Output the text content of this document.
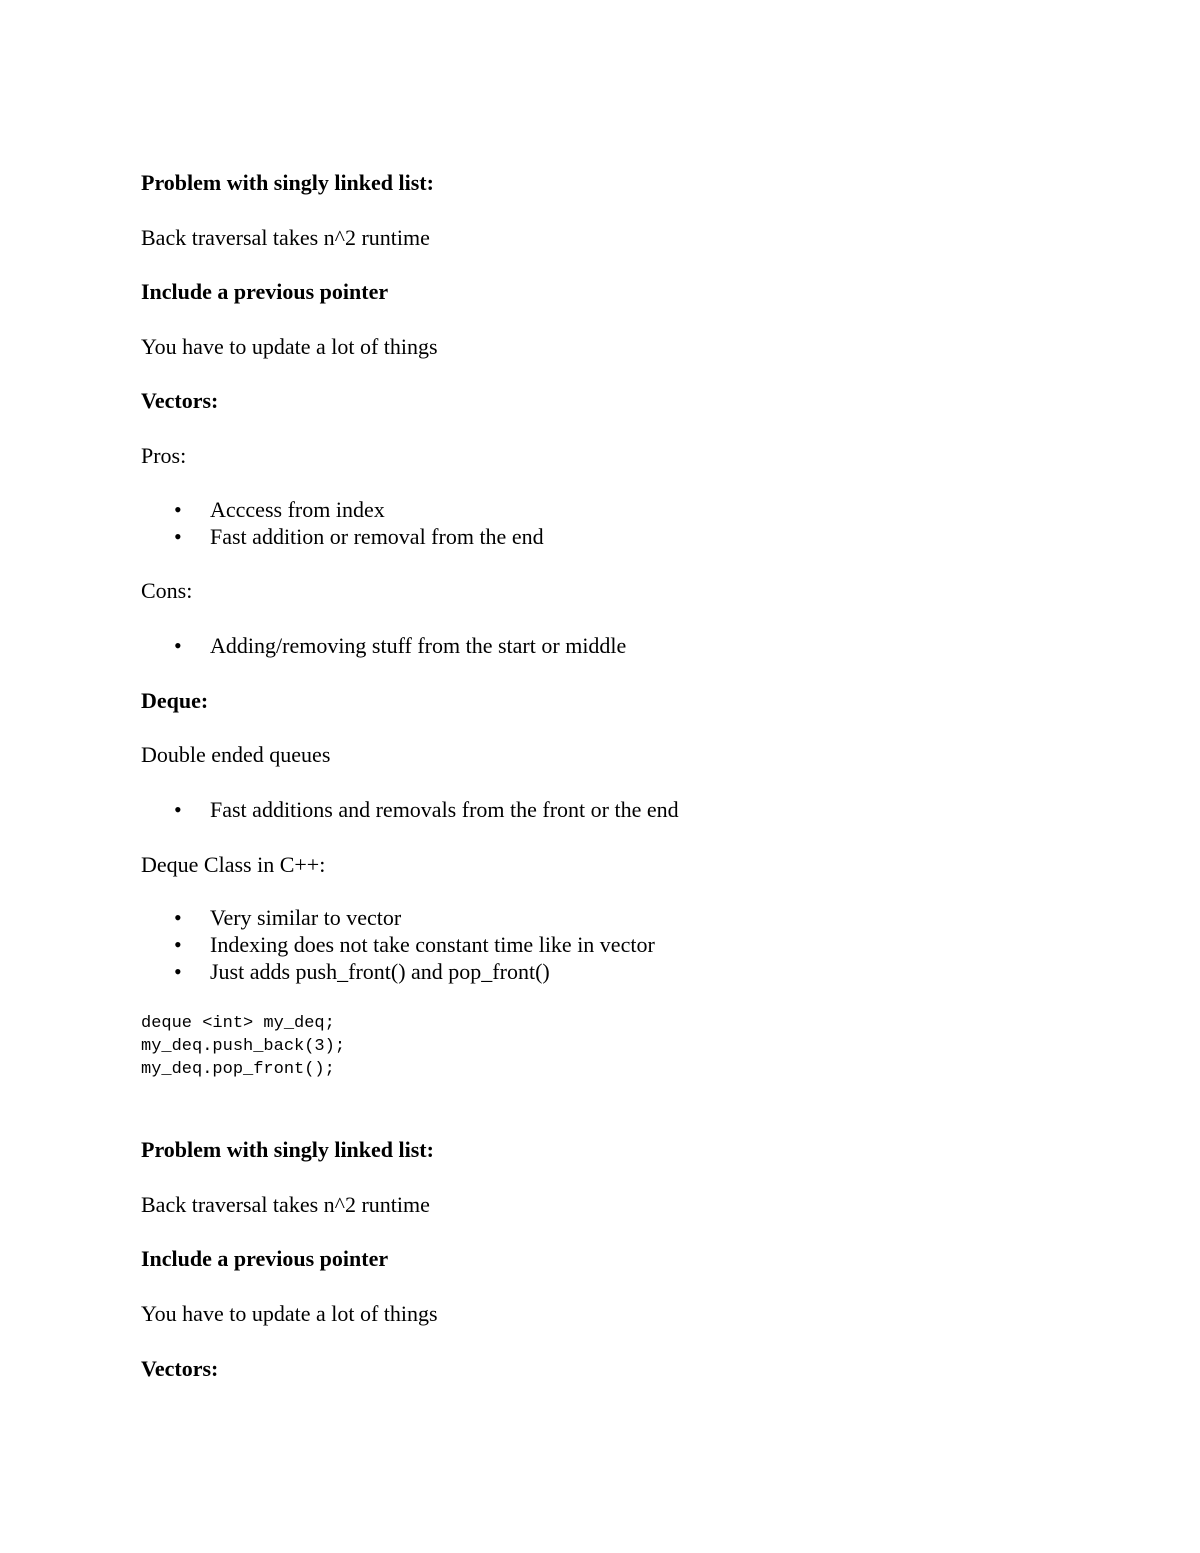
Problem with singly linked list:
Back traversal takes n^2 runtime
Include a previous pointer
You have to update a lot of things
Vectors:
Pros:
• Acccess from index
• Fast addition or removal from the end
Cons:
• Adding/removing stuff from the start or middle
Deque:
Double ended queues
• Fast additions and removals from the front or the end
Deque Class in C++:
• Very similar to vector
• Indexing does not take constant time like in vector
• Just adds push_front() and pop_front()
deque <int> my_deq;
my_deq.push_back(3);
my_deq.pop_front();
Problem with singly linked list:
Back traversal takes n^2 runtime
Include a previous pointer
You have to update a lot of things
Vectors:
